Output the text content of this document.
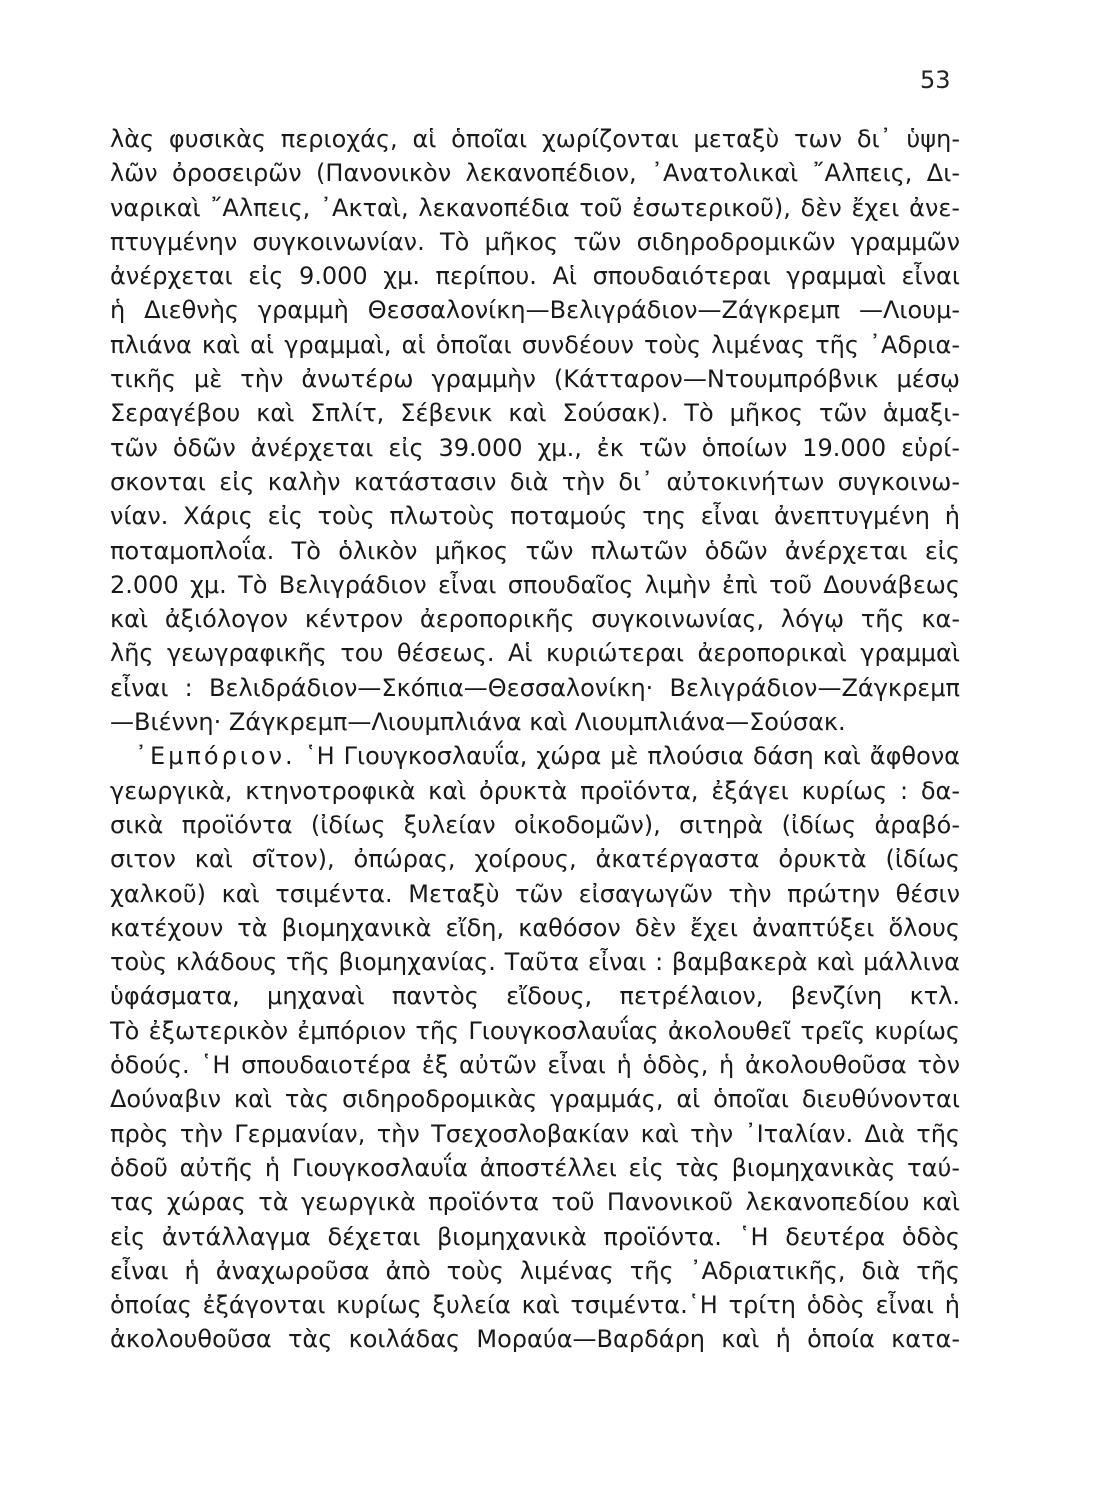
53
λὰς φυσικὰς περιοχάς, αἱ ὁποῖαι χωρίζονται μεταξὺ των δι᾿ ὑψη-
λῶν ὀροσειρῶν (Πανονικὸν λεκανοπέδιον, ᾿Ανατολικαὶ ῎Αλπεις, Δι-
ναρικαὶ ῎Αλπεις, ᾿Ακταὶ, λεκανοπέδια τοῦ ἐσωτερικοῦ), δὲν ἔχει ἀνε-
πτυγμένην συγκοινωνίαν. Τὸ μῆκος τῶν σιδηροδρομικῶν γραμμῶν
ἀνέρχεται εἰς 9.000 χμ. περίπου. Αἱ σπουδαιότεραι γραμμαὶ εἶναι
ἡ Διεθνὴς γραμμὴ Θεσσαλονίκη—Βελιγράδιον—Ζάγκρεμπ —Λιουμ-
πλιάνα καὶ αἱ γραμμαὶ, αἱ ὁποῖαι συνδέουν τοὺς λιμένας τῆς ᾿Αδρια-
τικῆς μὲ τὴν ἀνωτέρω γραμμὴν (Κάτταρον—Ντουμπρόβνικ μέσῳ
Σεραγέβου καὶ Σπλίτ, Σέβενικ καὶ Σούσακ). Τὸ μῆκος τῶν ἁμαξι-
τῶν ὁδῶν ἀνέρχεται εἰς 39.000 χμ., ἐκ τῶν ὁποίων 19.000 εὑρί-
σκονται εἰς καλὴν κατάστασιν διὰ τὴν δι᾿ αὐτοκινήτων συγκοινω-
νίαν. Χάρις εἰς τοὺς πλωτοὺς ποταμούς της εἶναι ἀνεπτυγμένη ἡ
ποταμοπλοΐα. Τὸ ὁλικὸν μῆκος τῶν πλωτῶν ὁδῶν ἀνέρχεται εἰς
2.000 χμ. Τὸ Βελιγράδιον εἶναι σπουδαῖος λιμὴν ἐπὶ τοῦ Δουνάβεως
καὶ ἀξιόλογον κέντρον ἀεροπορικῆς συγκοινωνίας, λόγῳ τῆς κα-
λῆς γεωγραφικῆς του θέσεως. Αἱ κυριώτεραι ἀεροπορικαὶ γραμμαὶ
εἶναι : Βελιδράδιον—Σκόπια—Θεσσαλονίκη· Βελιγράδιον—Ζάγκρεμπ
—Βιέννη· Ζάγκρεμπ—Λιουμπλιάνα καὶ Λιουμπλιάνα—Σούσακ.
᾿Εμπόριον. ῾Η Γιουγκοσλαυΐα, χώρα μὲ πλούσια δάση καὶ ἄφθονα
γεωργικὰ, κτηνοτροφικὰ καὶ ὀρυκτὰ προϊόντα, ἐξάγει κυρίως : δα-
σικὰ προϊόντα (ἰδίως ξυλείαν οἰκοδομῶν), σιτηρὰ (ἰδίως ἀραβό-
σιτον καὶ σῖτον), ὀπώρας, χοίρους, ἀκατέργαστα ὀρυκτὰ (ἰδίως
χαλκοῦ) καὶ τσιμέντα. Μεταξὺ τῶν εἰσαγωγῶν τὴν πρώτην θέσιν
κατέχουν τὰ βιομηχανικὰ εἴδη, καθόσον δὲν ἔχει ἀναπτύξει ὅλους
τοὺς κλάδους τῆς βιομηχανίας. Ταῦτα εἶναι : βαμβακερὰ καὶ μάλλινα
ὑφάσματα, μηχαναὶ παντὸς εἴδους, πετρέλαιον, βενζίνη κτλ.
Τὸ ἐξωτερικὸν ἐμπόριον τῆς Γιουγκοσλαυΐας ἀκολουθεῖ τρεῖς κυρίως
ὁδούς. ῾Η σπουδαιοτέρα ἐξ αὐτῶν εἶναι ἡ ὁδὸς, ἡ ἀκολουθοῦσα τὸν
Δούναβιν καὶ τὰς σιδηροδρομικὰς γραμμάς, αἱ ὁποῖαι διευθύνονται
πρὸς τὴν Γερμανίαν, τὴν Τσεχοσλοβακίαν καὶ τὴν ᾿Ιταλίαν. Διὰ τῆς
ὁδοῦ αὐτῆς ἡ Γιουγκοσλαυΐα ἀποστέλλει εἰς τὰς βιομηχανικὰς ταύ-
τας χώρας τὰ γεωργικὰ προϊόντα τοῦ Πανονικοῦ λεκανοπεδίου καὶ
εἰς ἀντάλλαγμα δέχεται βιομηχανικὰ προϊόντα. ῾Η δευτέρα ὁδὸς
εἶναι ἡ ἀναχωροῦσα ἀπὸ τοὺς λιμένας τῆς ᾿Αδριατικῆς, διὰ τῆς
ὁποίας ἐξάγονται κυρίως ξυλεία καὶ τσιμέντα.῾Η τρίτη ὁδὸς εἶναι ἡ
ἀκολουθοῦσα τὰς κοιλάδας Μοραύα—Βαρδάρη καὶ ἡ ὁποία κατα-
